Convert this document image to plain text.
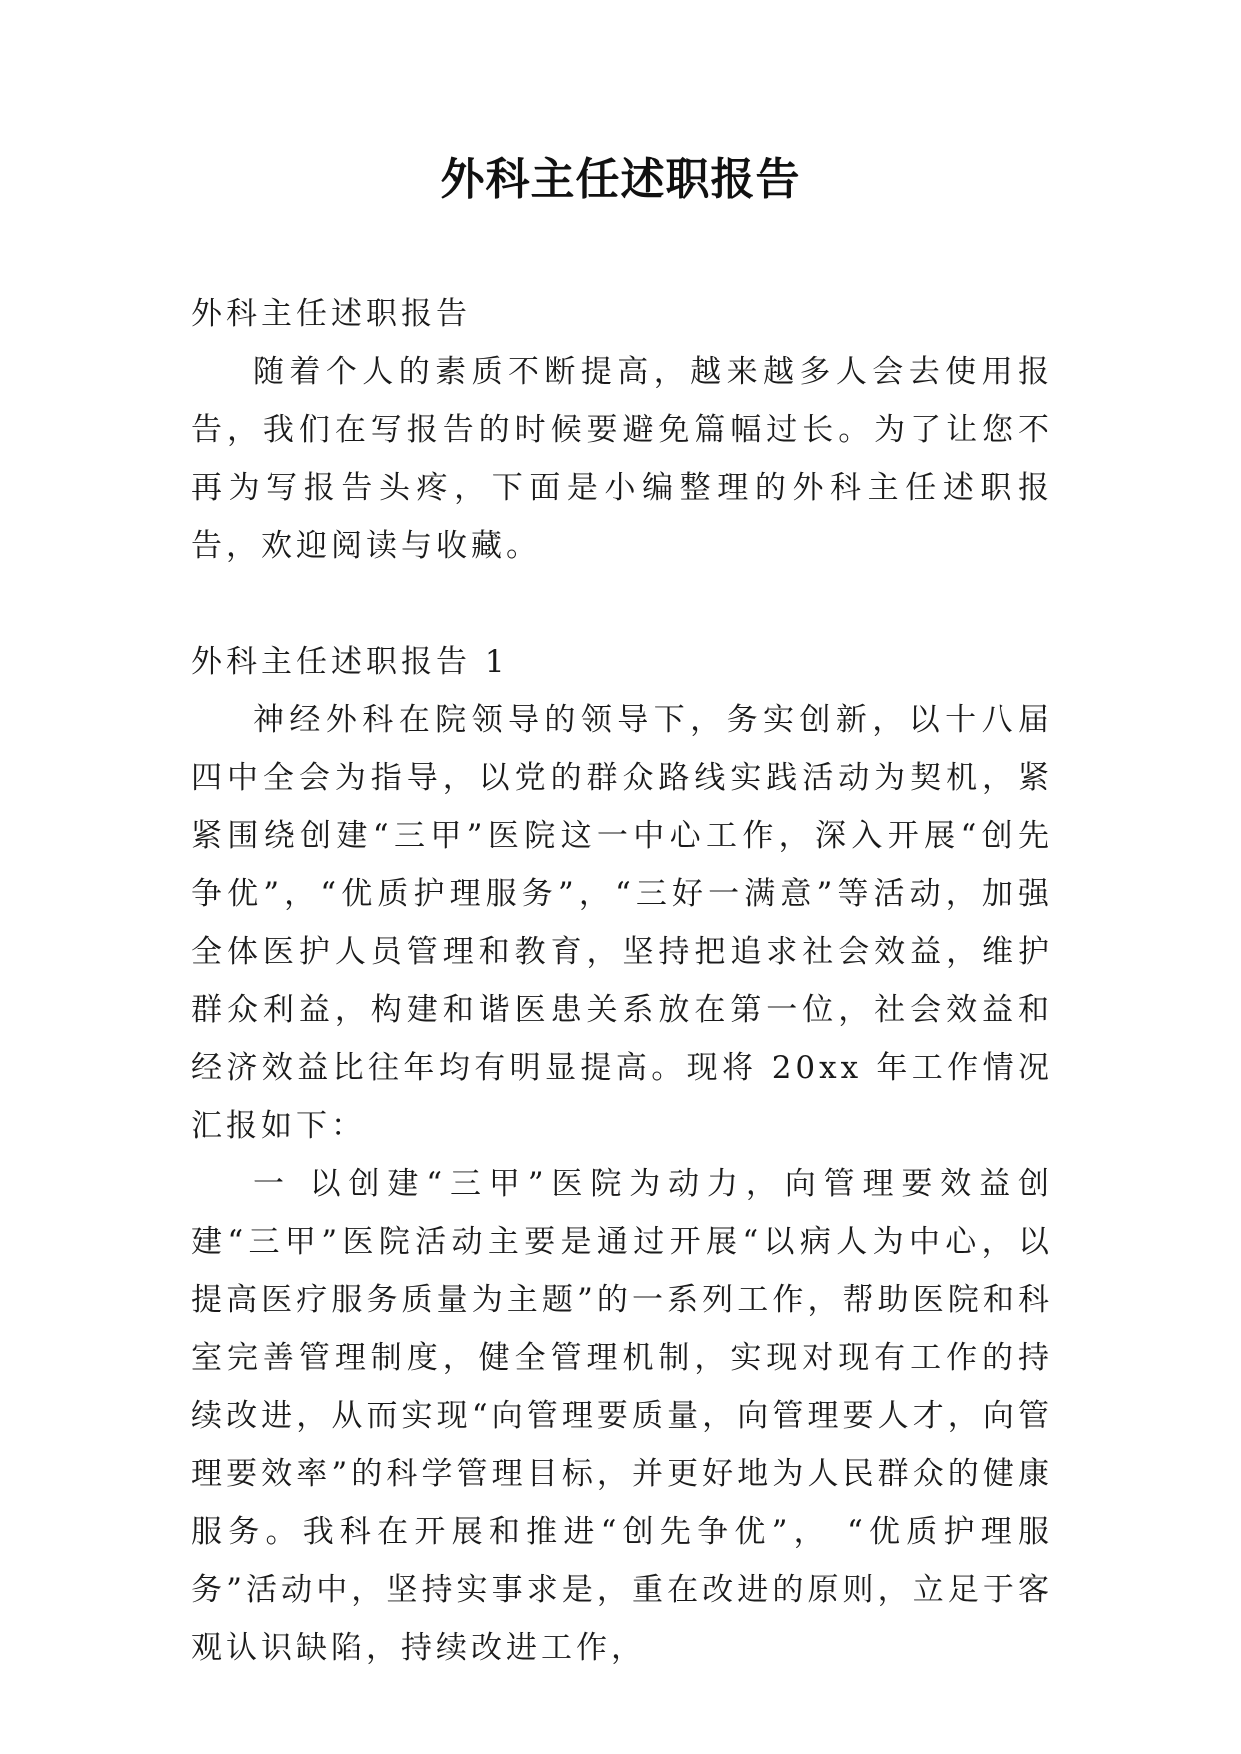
外科主任述职报告

外科主任述职报告

随着个人的素质不断提高，越来越多人会去使用报告，我们在写报告的时候要避免篇幅过长。为了让您不再为写报告头疼，下面是小编整理的外科主任述职报告，欢迎阅读与收藏。

外科主任述职报告 1

神经外科在院领导的领导下，务实创新，以十八届四中全会为指导，以党的群众路线实践活动为契机，紧紧围绕创建“三甲”医院这一中心工作，深入开展“创先争优”，“优质护理服务”，“三好一满意”等活动，加强全体医护人员管理和教育，坚持把追求社会效益，维护群众利益，构建和谐医患关系放在第一位，社会效益和经济效益比往年均有明显提高。现将 20xx 年工作情况汇报如下：

一 以创建“三甲”医院为动力，向管理要效益创建“三甲”医院活动主要是通过开展“以病人为中心，以提高医疗服务质量为主题”的一系列工作，帮助医院和科室完善管理制度，健全管理机制，实现对现有工作的持续改进，从而实现“向管理要质量，向管理要人才，向管理要效率”的科学管理目标，并更好地为人民群众的健康服务。我科在开展和推进“创先争优”， “优质护理服务”活动中，坚持实事求是，重在改进的原则，立足于客观认识缺陷，持续改进工作，
